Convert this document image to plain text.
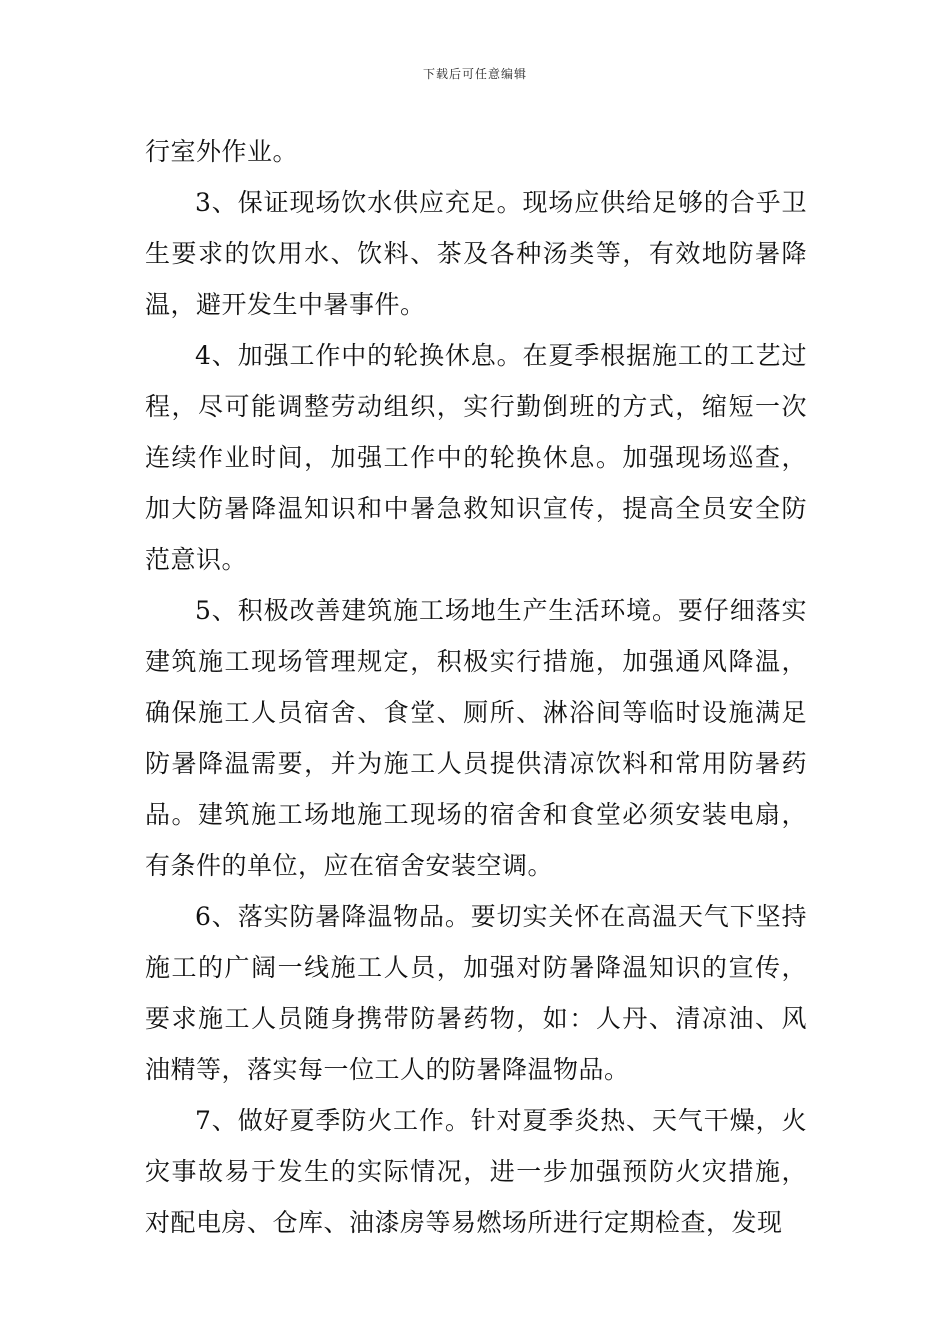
下载后可任意编辑

行室外作业。

3、保证现场饮水供应充足。现场应供给足够的合乎卫生要求的饮用水、饮料、茶及各种汤类等，有效地防暑降温，避开发生中暑事件。

4、加强工作中的轮换休息。在夏季根据施工的工艺过程，尽可能调整劳动组织，实行勤倒班的方式，缩短一次连续作业时间，加强工作中的轮换休息。加强现场巡查，加大防暑降温知识和中暑急救知识宣传，提高全员安全防范意识。

5、积极改善建筑施工场地生产生活环境。要仔细落实建筑施工现场管理规定，积极实行措施，加强通风降温，确保施工人员宿舍、食堂、厕所、淋浴间等临时设施满足防暑降温需要，并为施工人员提供清凉饮料和常用防暑药品。建筑施工场地施工现场的宿舍和食堂必须安装电扇，有条件的单位，应在宿舍安装空调。

6、落实防暑降温物品。要切实关怀在高温天气下坚持施工的广阔一线施工人员，加强对防暑降温知识的宣传，要求施工人员随身携带防暑药物，如：人丹、清凉油、风油精等，落实每一位工人的防暑降温物品。

7、做好夏季防火工作。针对夏季炎热、天气干燥，火灾事故易于发生的实际情况，进一步加强预防火灾措施，对配电房、仓库、油漆房等易燃场所进行定期检查，发现
